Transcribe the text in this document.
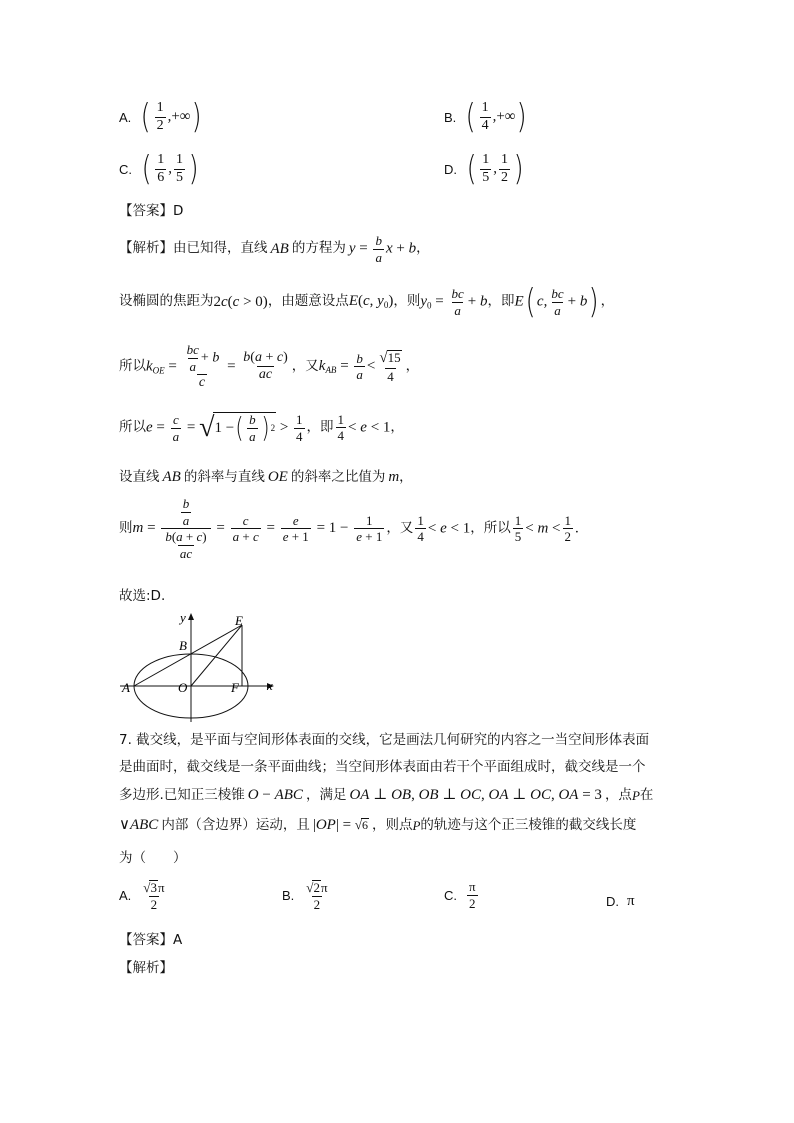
A. ( $\frac{1}{2}$ ,+∞)	B. ( $\frac{1}{4}$ ,+∞)
C. ( $\frac{1}{6}$ , $\frac{1}{5}$ )	D. ( $\frac{1}{5}$ , $\frac{1}{2}$ )
【答案】D
【解析】 由已知得，直线 AB 的方程为 $y = \frac{b}{a}$ x + b ，
设椭圆的焦距为 2c(c > 0) ，由题意设点 E(c, $y_0$) ，则 $y_0 = \frac{bc}{a} + b$ ，即 E( c, $\frac{bc}{a} + b$) ，
所以 $k_{OE} = \frac{\frac{bc}{a} + b}{c} = \frac{b(a + c)}{ac}$ ，又 $k_{AB} = \frac{b}{a} < \frac{√15}{4}$ ，
所以 $e = \frac{c}{a} = √1$ − ( $\frac{b}{a}$ ) $2 > \frac{1}{4}$ ，即 $\frac{1}{4} < e < 1$ ，
设直线 AB 的斜率与直线 OE 的斜率之比值为 m ，
则 $m = \frac{\frac{b}{a}}{\frac{b(a + c)}{ac}} = \frac{c}{a + c} = \frac{e}{e + 1} = 1 - \frac{1}{e + 1}$ ，又 $\frac{1}{4} < e < 1$ ，所以 $\frac{1}{5} < m < \frac{1}{2}$ .
故选:D.
y
x
B
E
A	O	F
7. 截交线，是平面与空间形体表面的交线，它是画法几何研究的内容之一当空间形体表面
是曲面时，截交线是一条平面曲线；当空间形体表面由若干个平面组成时，截交线是一个
多边形.已知正三棱锥 O − ABC ，满足 OA ⊥ OB, OB ⊥ OC, OA ⊥ OC, OA = 3 ，点 P 在
∨ABC 内部（含边界）运动，且 |OP| = √6 ，则点 P 的轨迹与这个正三棱锥的截交线长度
为（　　）
A. $\frac{√3\pi}{2}$	B. $\frac{√2\pi}{2}$	C. $\frac{\pi}{2}$	D. π
【答案】A
【解析】
